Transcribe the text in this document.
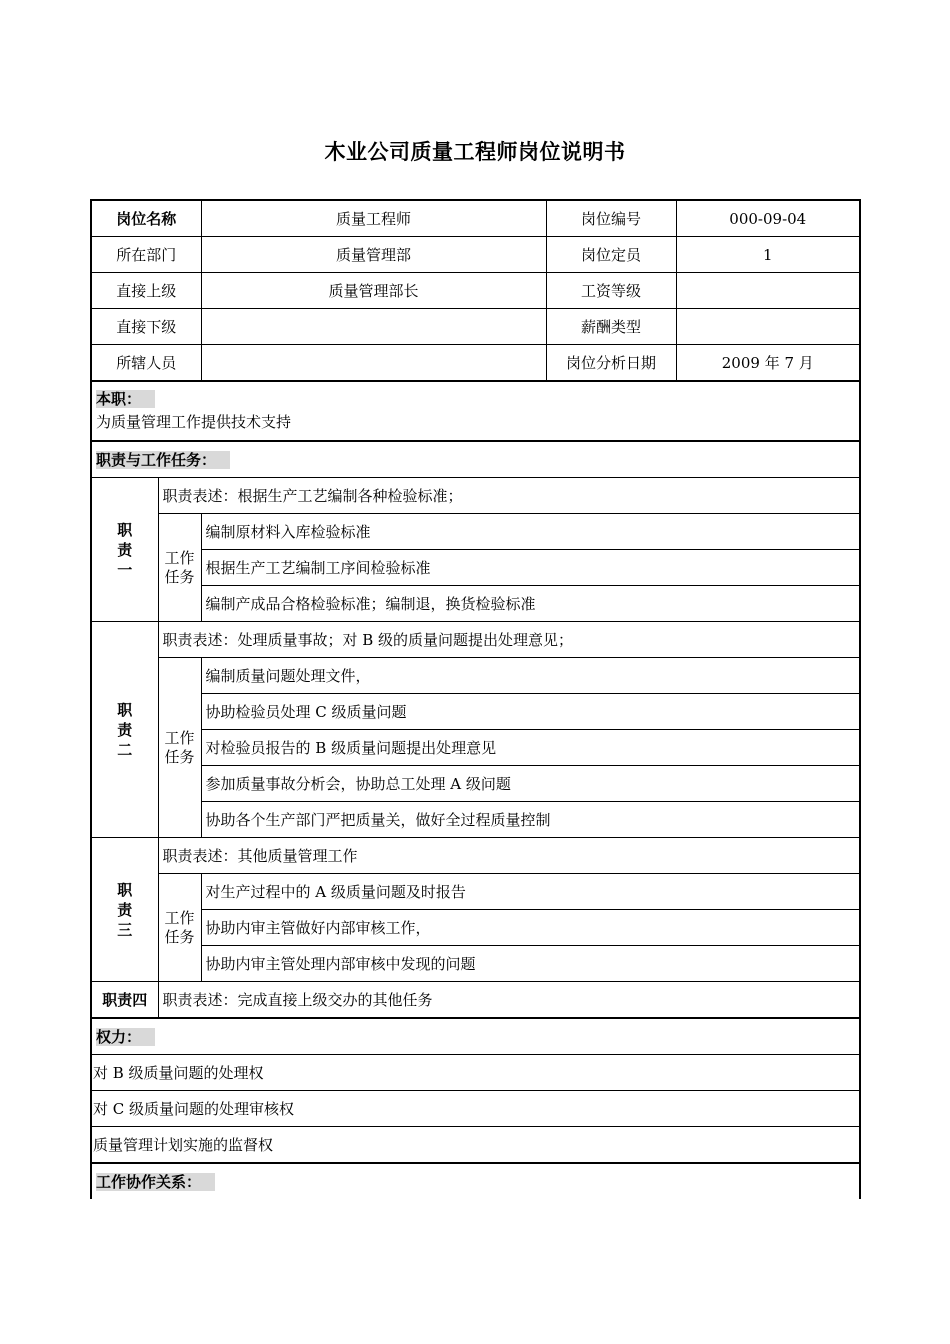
木业公司质量工程师岗位说明书
岗位名称		质量工程师	岗位编号	000-09-04
所在部门		质量管理部	岗位定员	1
直接上级		质量管理部长	工资等级	
直接下级			薪酬类型	
所辖人员			岗位分析日期	2009 年 7 月

本职：
为质量管理工作提供技术支持				

职责与工作任务：				

职
责
一	职责表述：根据生产工艺编制各种检验标准；			

	工作
任务	编制原材料入库检验标准		
		根据生产工艺编制工序间检验标准		
		编制产成品合格检验标准；编制退，换货检验标准		

职
责
二	职责表述：处理质量事故；对 B 级的质量问题提出处理意见；			

	工作
任务	编制质量问题处理文件，		
		协助检验员处理 C 级质量问题		
		对检验员报告的 B 级质量问题提出处理意见		
		参加质量事故分析会，协助总工处理 A 级问题		
		协助各个生产部门严把质量关，做好全过程质量控制		

职
责
三	职责表述：其他质量管理工作			

	工作
任务	对生产过程中的 A 级质量问题及时报告		
		协助内审主管做好内部审核工作，		
		协助内审主管处理内部审核中发现的问题		
职责四	职责表述：完成直接上级交办的其他任务			
权力：				
对 B 级质量问题的处理权				
对 C 级质量问题的处理审核权				
质量管理计划实施的监督权				
工作协作关系：				
